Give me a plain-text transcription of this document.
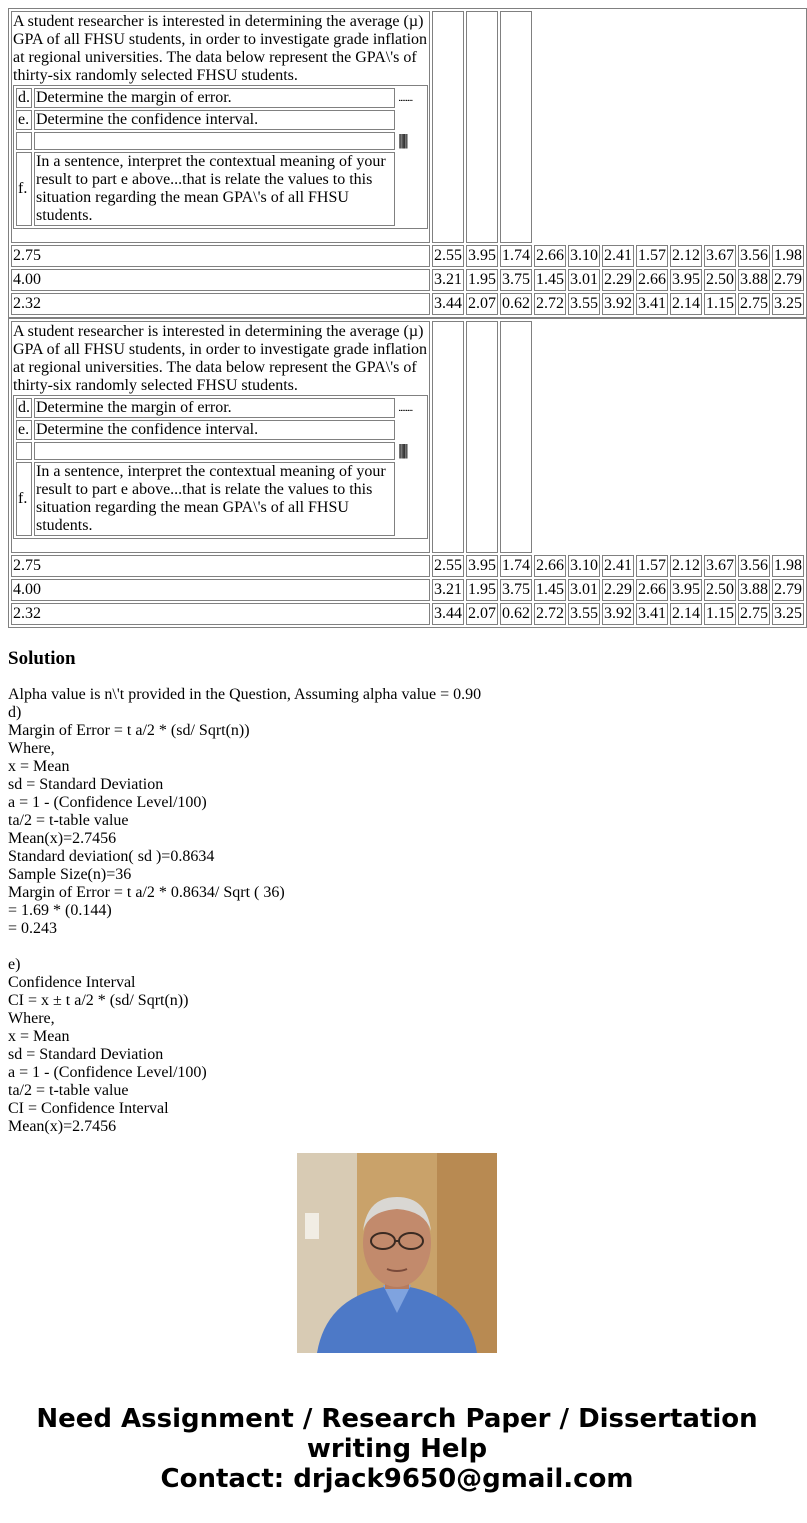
A student researcher is interested in determining the average (µ) GPA of all FHSU students, in order to investigate grade inflation at regional universities. The data below represent the GPA\'s of thirty-six randomly selected FHSU students.
d.	Determine the margin of error.	........
e.	Determine the confidence interval.	
		|||||||
f.	In a sentence, interpret the contextual meaning of your result to part e above...that is relate the values to this situation regarding the mean GPA\'s of all FHSU students.	

2.75	2.55	3.95	1.74	2.66	3.10	2.41	1.57	2.12	3.67	3.56	1.98
4.00	3.21	1.95	3.75	1.45	3.01	2.29	2.66	3.95	2.50	3.88	2.79
2.32	3.44	2.07	0.62	2.72	3.55	3.92	3.41	2.14	1.15	2.75	3.25
A student researcher is interested in determining the average (µ) GPA of all FHSU students, in order to investigate grade inflation at regional universities. The data below represent the GPA\'s of thirty-six randomly selected FHSU students.
d.	Determine the margin of error.	........
e.	Determine the confidence interval.	
		|||||||
f.	In a sentence, interpret the contextual meaning of your result to part e above...that is relate the values to this situation regarding the mean GPA\'s of all FHSU students.	

2.75	2.55	3.95	1.74	2.66	3.10	2.41	1.57	2.12	3.67	3.56	1.98
4.00	3.21	1.95	3.75	1.45	3.01	2.29	2.66	3.95	2.50	3.88	2.79
2.32	3.44	2.07	0.62	2.72	3.55	3.92	3.41	2.14	1.15	2.75	3.25
Solution
Alpha value is n\'t provided in the Question, Assuming alpha value = 0.90
d)
Margin of Error = t a/2 * (sd/ Sqrt(n))
Where,
x = Mean
sd = Standard Deviation
a = 1 - (Confidence Level/100)
ta/2 = t-table value
Mean(x)=2.7456
Standard deviation( sd )=0.8634
Sample Size(n)=36
Margin of Error = t a/2 * 0.8634/ Sqrt ( 36)
= 1.69 * (0.144)
= 0.243
e)
Confidence Interval
CI = x ± t a/2 * (sd/ Sqrt(n))
Where,
x = Mean
sd = Standard Deviation
a = 1 - (Confidence Level/100)
ta/2 = t-table value
CI = Confidence Interval
Mean(x)=2.7456
Need Assignment / Research Paper / Dissertation
writing Help
Contact: drjack9650@gmail.com
